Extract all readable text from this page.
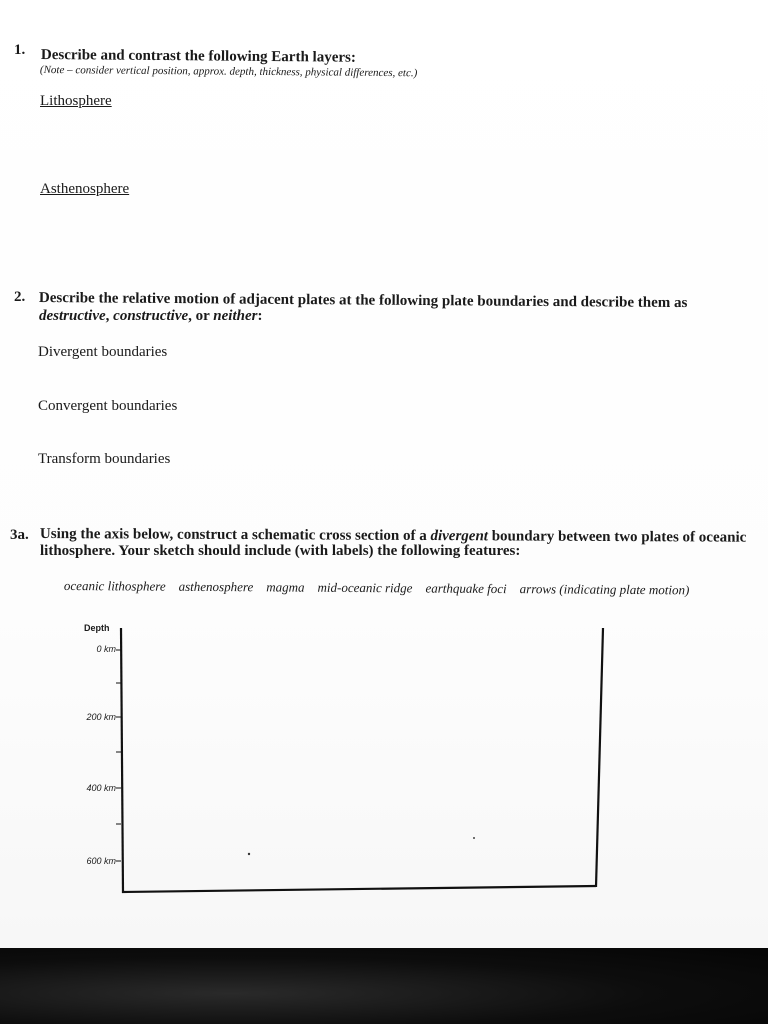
1. Describe and contrast the following Earth layers:
(Note – consider vertical position, approx. depth, thickness, physical differences, etc.)
Lithosphere
Asthenosphere
2. Describe the relative motion of adjacent plates at the following plate boundaries and describe them as
destructive, constructive, or neither:
Divergent boundaries
Convergent boundaries
Transform boundaries
3a. Using the axis below, construct a schematic cross section of a divergent boundary between two plates of oceanic
lithosphere. Your sketch should include (with labels) the following features:
oceanic lithosphere asthenosphere magma mid-oceanic ridge earthquake foci arrows (indicating plate motion)
Depth
0 km
200 km
400 km
600 km
